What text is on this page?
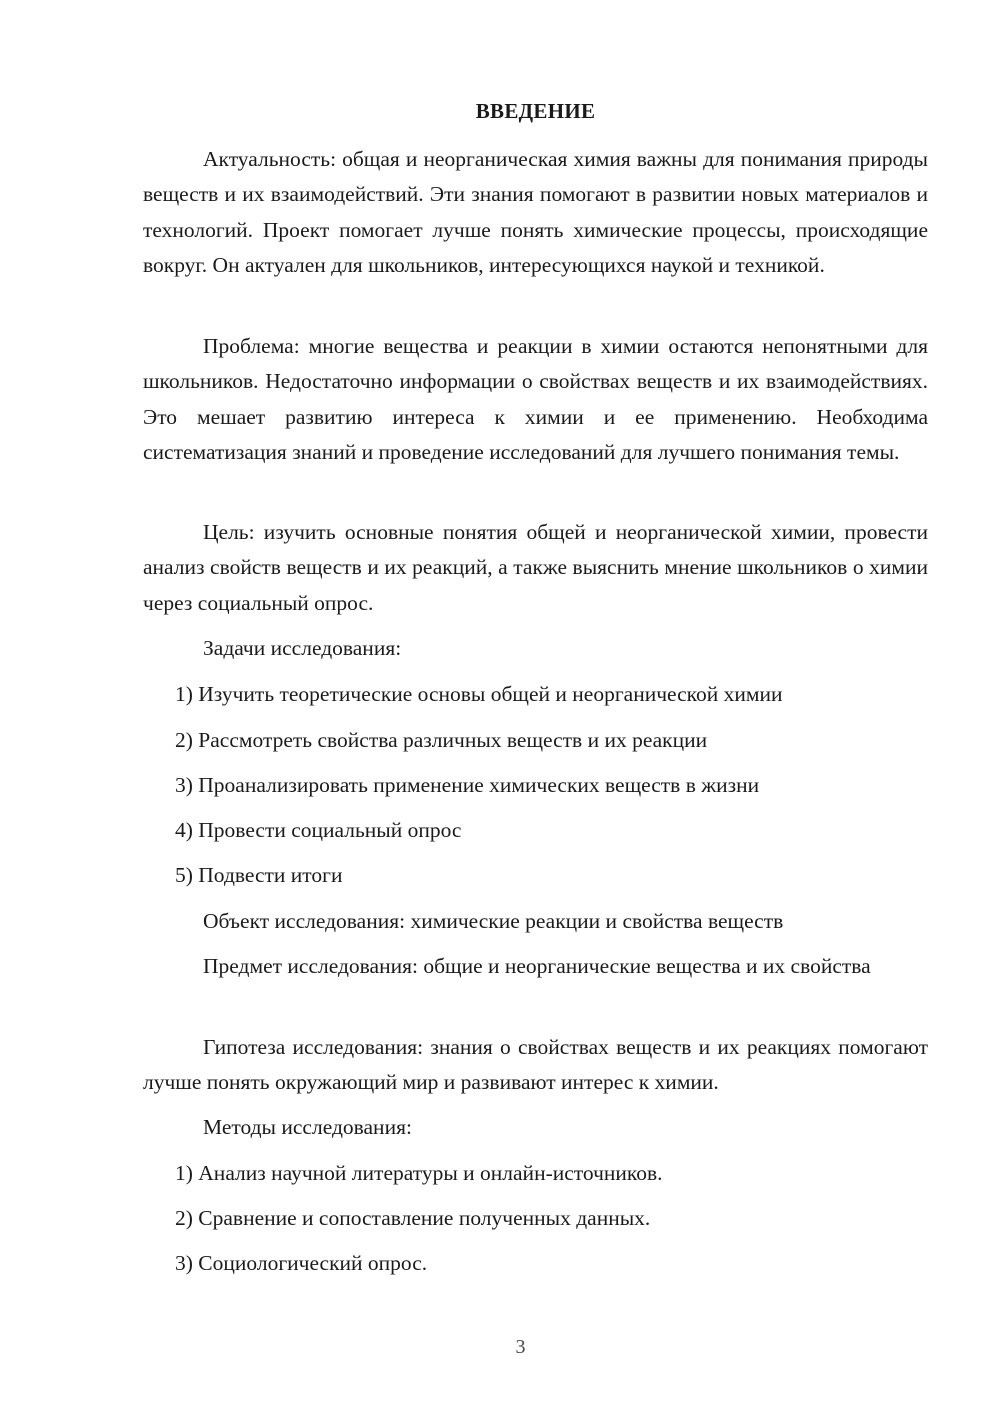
ВВЕДЕНИЕ
Актуальность: общая и неорганическая химия важны для понимания природы веществ и их взаимодействий. Эти знания помогают в развитии новых материалов и технологий. Проект помогает лучше понять химические процессы, происходящие вокруг. Он актуален для школьников, интересующихся наукой и техникой.
Проблема: многие вещества и реакции в химии остаются непонятными для школьников. Недостаточно информации о свойствах веществ и их взаимодействиях. Это мешает развитию интереса к химии и ее применению. Необходима систематизация знаний и проведение исследований для лучшего понимания темы.
Цель: изучить основные понятия общей и неорганической химии, провести анализ свойств веществ и их реакций, а также выяснить мнение школьников о химии через социальный опрос.
Задачи исследования:
1) Изучить теоретические основы общей и неорганической химии
2) Рассмотреть свойства различных веществ и их реакции
3) Проанализировать применение химических веществ в жизни
4) Провести социальный опрос
5) Подвести итоги
Объект исследования: химические реакции и свойства веществ
Предмет исследования: общие и неорганические вещества и их свойства
Гипотеза исследования: знания о свойствах веществ и их реакциях помогают лучше понять окружающий мир и развивают интерес к химии.
Методы исследования:
1) Анализ научной литературы и онлайн-источников.
2) Сравнение и сопоставление полученных данных.
3) Социологический опрос.
3
